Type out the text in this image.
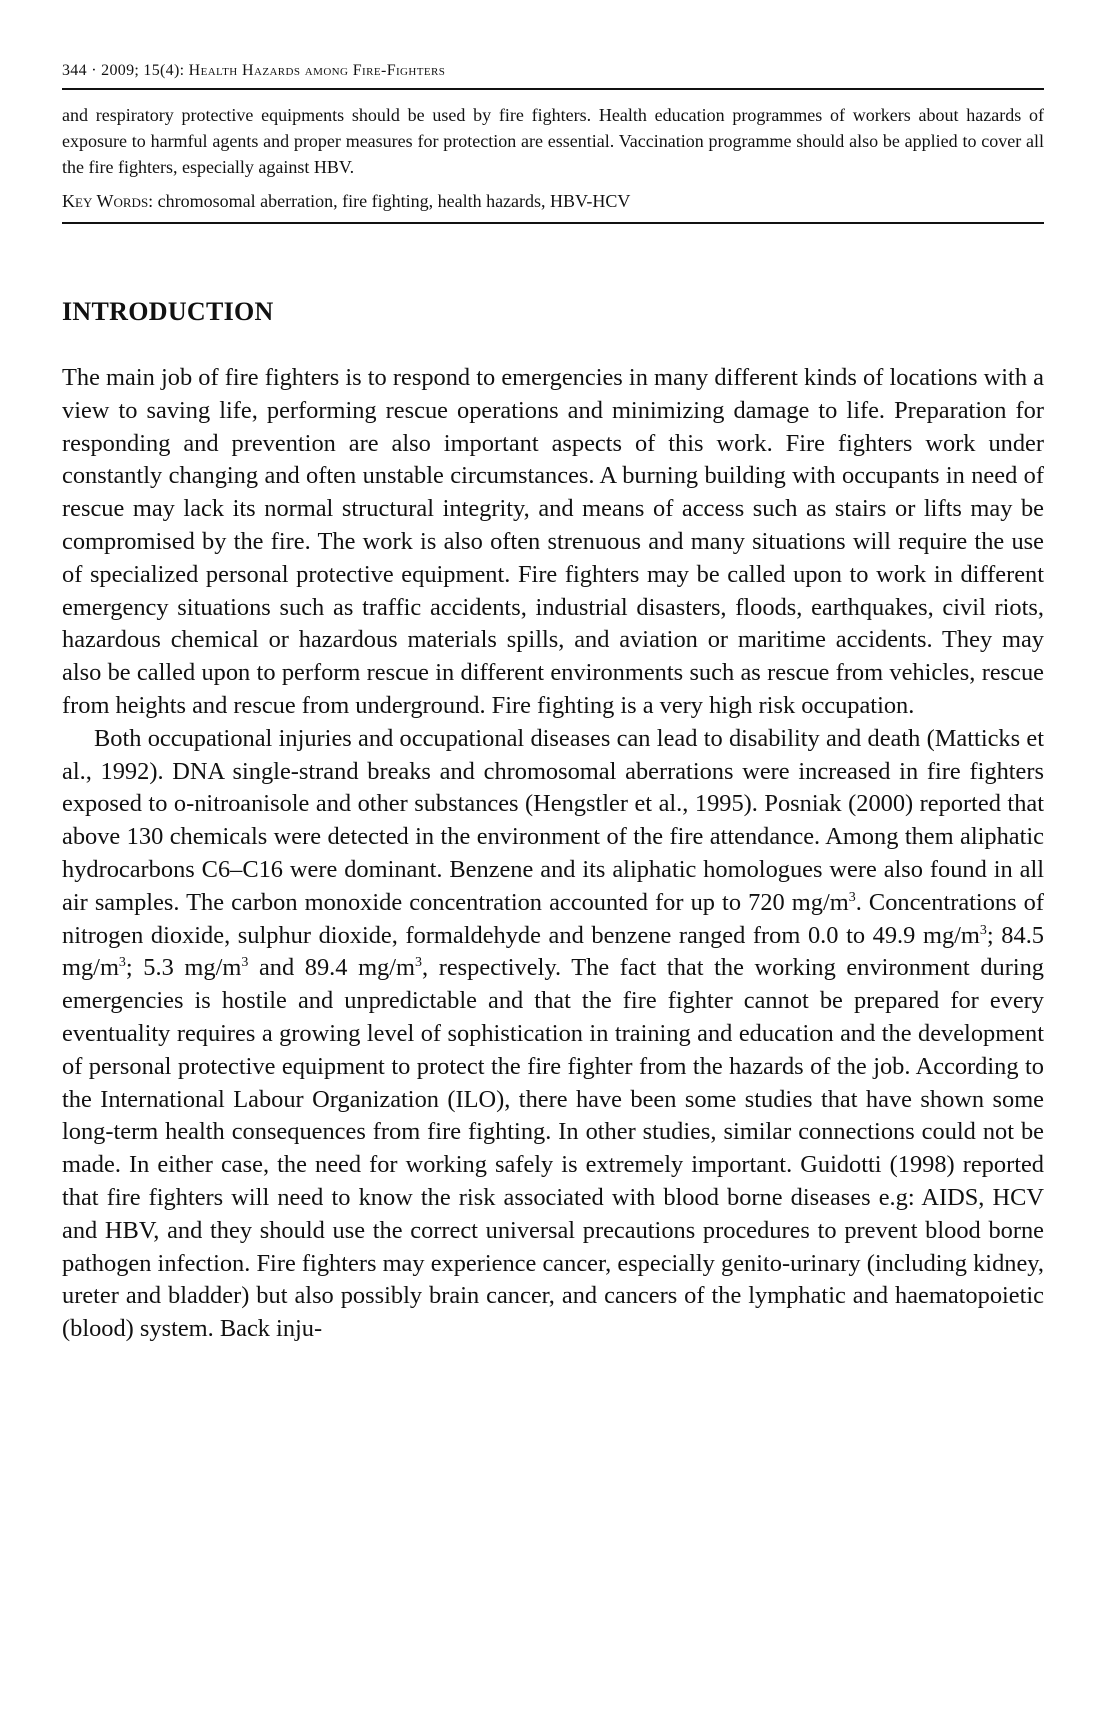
344 · 2009; 15(4): Health Hazards among Fire-Fighters
and respiratory protective equipments should be used by fire fighters. Health education programmes of workers about hazards of exposure to harmful agents and proper measures for protection are essential. Vaccination programme should also be applied to cover all the fire fighters, especially against HBV.
Key Words: chromosomal aberration, fire fighting, health hazards, HBV-HCV
INTRODUCTION

The main job of fire fighters is to respond to emergencies in many different kinds of locations with a view to saving life, performing rescue operations and minimizing damage to life. Preparation for responding and prevention are also important aspects of this work. Fire fighters work under constantly changing and often unstable circumstances. A burning building with occupants in need of rescue may lack its normal structural integrity, and means of access such as stairs or lifts may be compromised by the fire. The work is also often strenuous and many situations will require the use of specialized personal protective equipment. Fire fighters may be called upon to work in different emergency situations such as traffic accidents, industrial disasters, floods, earthquakes, civil riots, hazardous chemical or hazardous materials spills, and aviation or maritime accidents. They may also be called upon to perform rescue in different environments such as rescue from vehicles, rescue from heights and rescue from underground. Fire fighting is a very high risk occupation.

Both occupational injuries and occupational diseases can lead to disability and death (Matticks et al., 1992). DNA single-strand breaks and chromosomal aberrations were increased in fire fighters exposed to o-nitroanisole and other substances (Hengstler et al., 1995). Posniak (2000) reported that above 130 chemicals were detected in the environment of the fire attendance. Among them aliphatic hydrocarbons C6–C16 were dominant. Benzene and its aliphatic homologues were also found in all air samples. The carbon monoxide concentration accounted for up to 720 $mg/m^3$. Concentrations of nitrogen dioxide, sulphur dioxide, formaldehyde and benzene ranged from 0.0 to 49.9 $mg/m^3$; 84.5 $mg/m^3$; 5.3 $mg/m^3$ and 89.4 $mg/m^3$, respectively. The fact that the working environment during emergencies is hostile and unpredictable and that the fire fighter cannot be prepared for every eventuality requires a growing level of sophistication in training and education and the development of personal protective equipment to protect the fire fighter from the hazards of the job. According to the International Labour Organization (ILO), there have been some studies that have shown some long-term health consequences from fire fighting. In other studies, similar connections could not be made. In either case, the need for working safely is extremely important. Guidotti (1998) reported that fire fighters will need to know the risk associated with blood borne diseases e.g: AIDS, HCV and HBV, and they should use the correct universal precautions procedures to prevent blood borne pathogen infection. Fire fighters may experience cancer, especially genito-urinary (including kidney, ureter and bladder) but also possibly brain cancer, and cancers of the lymphatic and haematopoietic (blood) system. Back inju-
